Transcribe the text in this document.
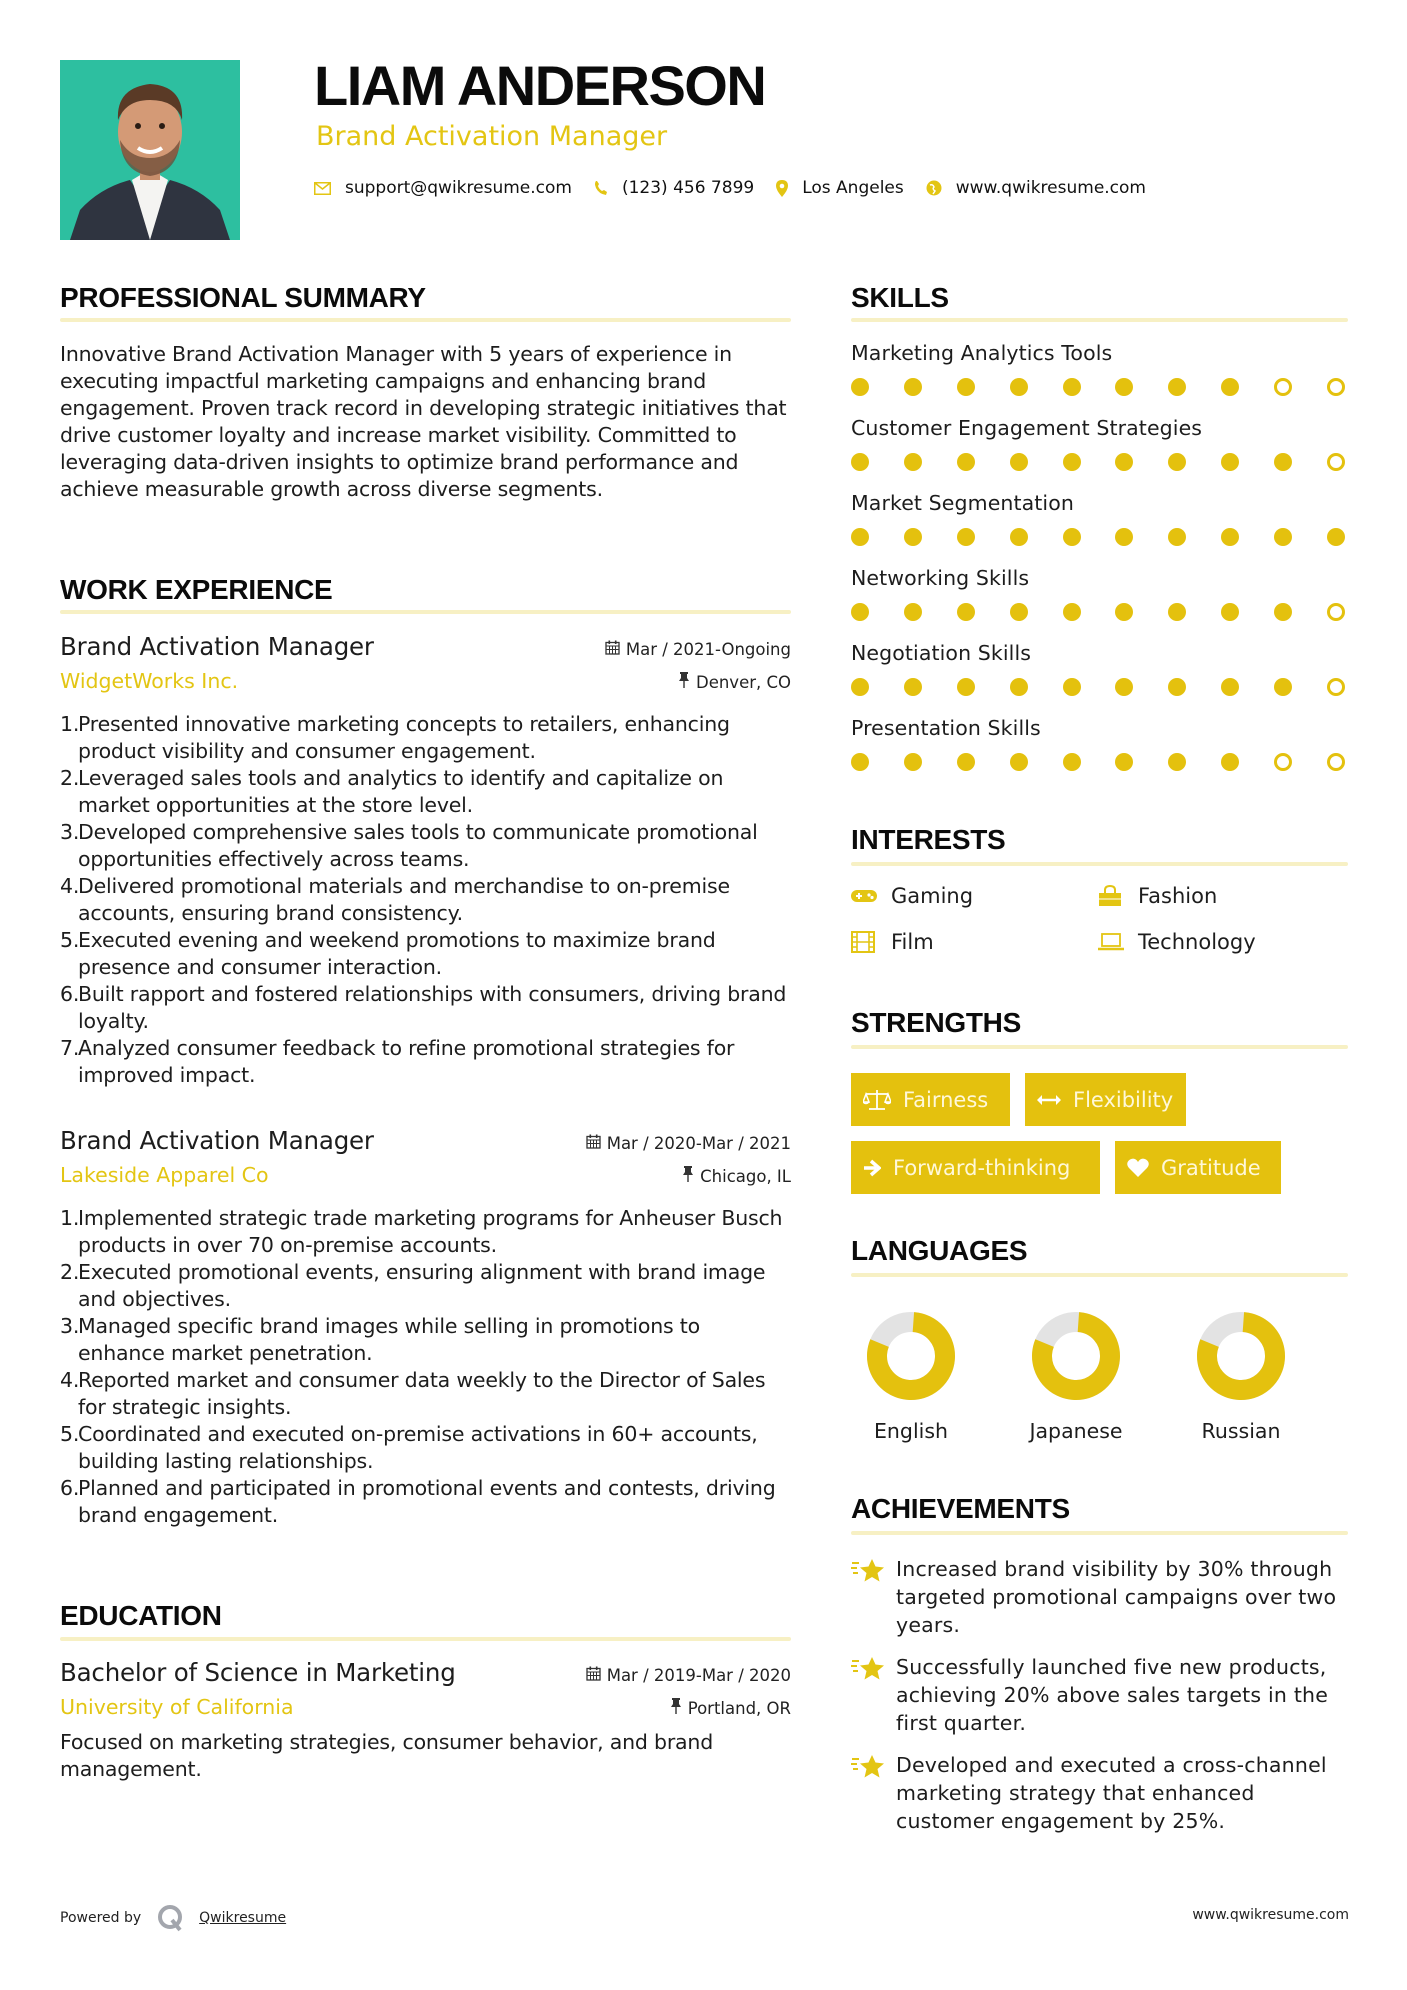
LIAM ANDERSON
Brand Activation Manager
support@qwikresume.com	(123) 456 7899	Los Angeles	www.qwikresume.com
PROFESSIONAL SUMMARY
Innovative Brand Activation Manager with 5 years of experience in executing impactful marketing campaigns and enhancing brand engagement. Proven track record in developing strategic initiatives that drive customer loyalty and increase market visibility. Committed to leveraging data-driven insights to optimize brand performance and achieve measurable growth across diverse segments.
WORK EXPERIENCE
Brand Activation Manager	Mar / 2021-Ongoing
WidgetWorks Inc.	Denver, CO
1.
Presented innovative marketing concepts to retailers, enhancing product visibility and consumer engagement.
2.
Leveraged sales tools and analytics to identify and capitalize on market opportunities at the store level.
3.
Developed comprehensive sales tools to communicate promotional opportunities effectively across teams.
4.
Delivered promotional materials and merchandise to on-premise accounts, ensuring brand consistency.
5.
Executed evening and weekend promotions to maximize brand presence and consumer interaction.
6.
Built rapport and fostered relationships with consumers, driving brand loyalty.
7.
Analyzed consumer feedback to refine promotional strategies for improved impact.
Brand Activation Manager	Mar / 2020-Mar / 2021
Lakeside Apparel Co	Chicago, IL
1.
Implemented strategic trade marketing programs for Anheuser Busch products in over 70 on-premise accounts.
2.
Executed promotional events, ensuring alignment with brand image and objectives.
3.
Managed specific brand images while selling in promotions to enhance market penetration.
4.
Reported market and consumer data weekly to the Director of Sales for strategic insights.
5.
Coordinated and executed on-premise activations in 60+ accounts, building lasting relationships.
6.
Planned and participated in promotional events and contests, driving brand engagement.
EDUCATION
Bachelor of Science in Marketing	Mar / 2019-Mar / 2020
University of California	Portland, OR
Focused on marketing strategies, consumer behavior, and brand management.
SKILLS
Marketing Analytics Tools
Customer Engagement Strategies
Market Segmentation
Networking Skills
Negotiation Skills
Presentation Skills
INTERESTS
Gaming	Fashion
Film	Technology
STRENGTHS
Fairness	Flexibility
Forward-thinking	Gratitude
LANGUAGES
English	Japanese	Russian
ACHIEVEMENTS
Increased brand visibility by 30% through targeted promotional campaigns over two years.
Successfully launched five new products, achieving 20% above sales targets in the first quarter.
Developed and executed a cross-channel marketing strategy that enhanced customer engagement by 25%.
Powered by	Qwikresume	www.qwikresume.com
